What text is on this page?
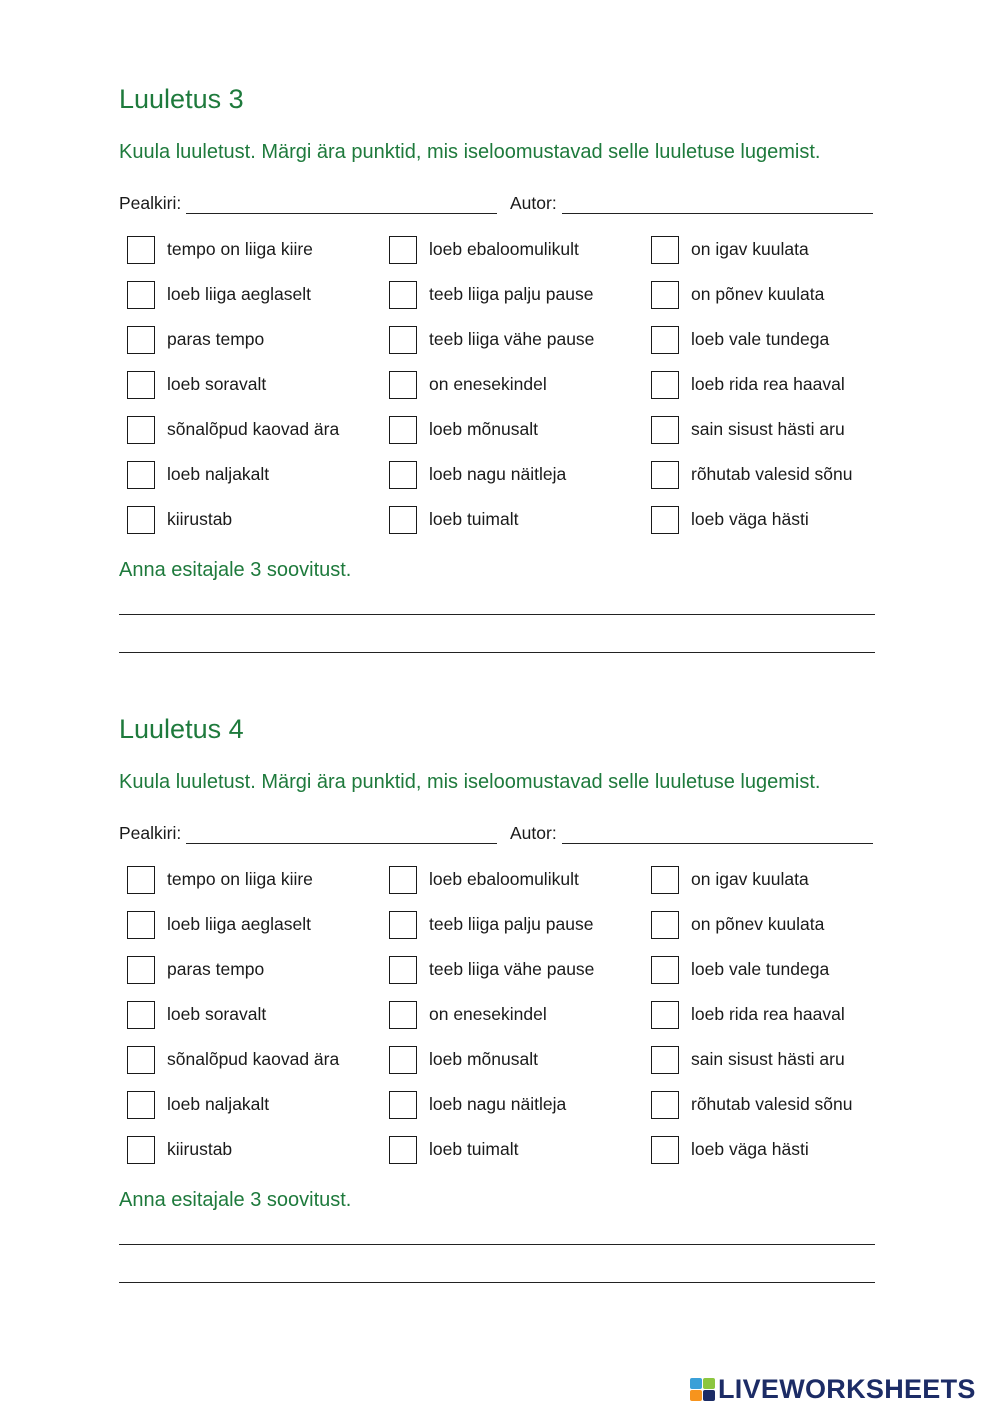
Luuletus 3
Kuula luuletust. Märgi ära punktid, mis iseloomustavad selle luuletuse lugemist.
Pealkiri:	Autor:
tempo on liiga kiire
loeb liiga aeglaselt
paras tempo
loeb soravalt
sõnalõpud kaovad ära
loeb naljakalt
kiirustab
loeb ebaloomulikult
teeb liiga palju pause
teeb liiga vähe pause
on enesekindel
loeb mõnusalt
loeb nagu näitleja
loeb tuimalt
on igav kuulata
on põnev kuulata
loeb vale tundega
loeb rida rea haaval
sain sisust hästi aru
rõhutab valesid sõnu
loeb väga hästi
Anna esitajale 3 soovitust.
Luuletus 4
Kuula luuletust. Märgi ära punktid, mis iseloomustavad selle luuletuse lugemist.
Pealkiri:	Autor:
tempo on liiga kiire
loeb liiga aeglaselt
paras tempo
loeb soravalt
sõnalõpud kaovad ära
loeb naljakalt
kiirustab
loeb ebaloomulikult
teeb liiga palju pause
teeb liiga vähe pause
on enesekindel
loeb mõnusalt
loeb nagu näitleja
loeb tuimalt
on igav kuulata
on põnev kuulata
loeb vale tundega
loeb rida rea haaval
sain sisust hästi aru
rõhutab valesid sõnu
loeb väga hästi
Anna esitajale 3 soovitust.
LIVEWORKSHEETS
